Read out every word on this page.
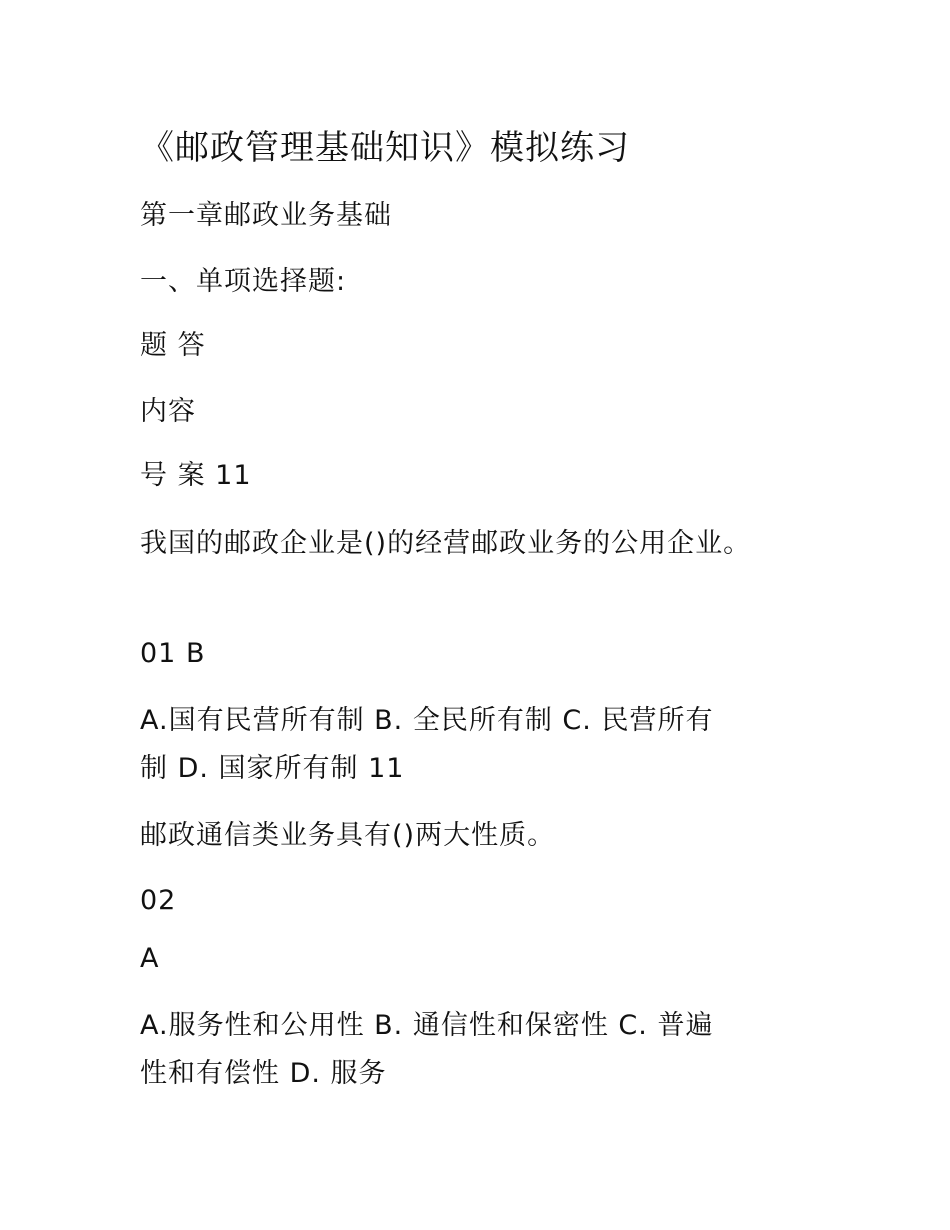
《邮政管理基础知识》模拟练习
第一章邮政业务基础
一、单项选择题:
题 答
内容
号 案 11
我国的邮政企业是()的经营邮政业务的公用企业。
01 B
A.国有民营所有制 B. 全民所有制 C. 民营所有
制 D. 国家所有制 11
邮政通信类业务具有()两大性质。
02
A
A.服务性和公用性 B. 通信性和保密性 C. 普遍
性和有偿性 D. 服务
